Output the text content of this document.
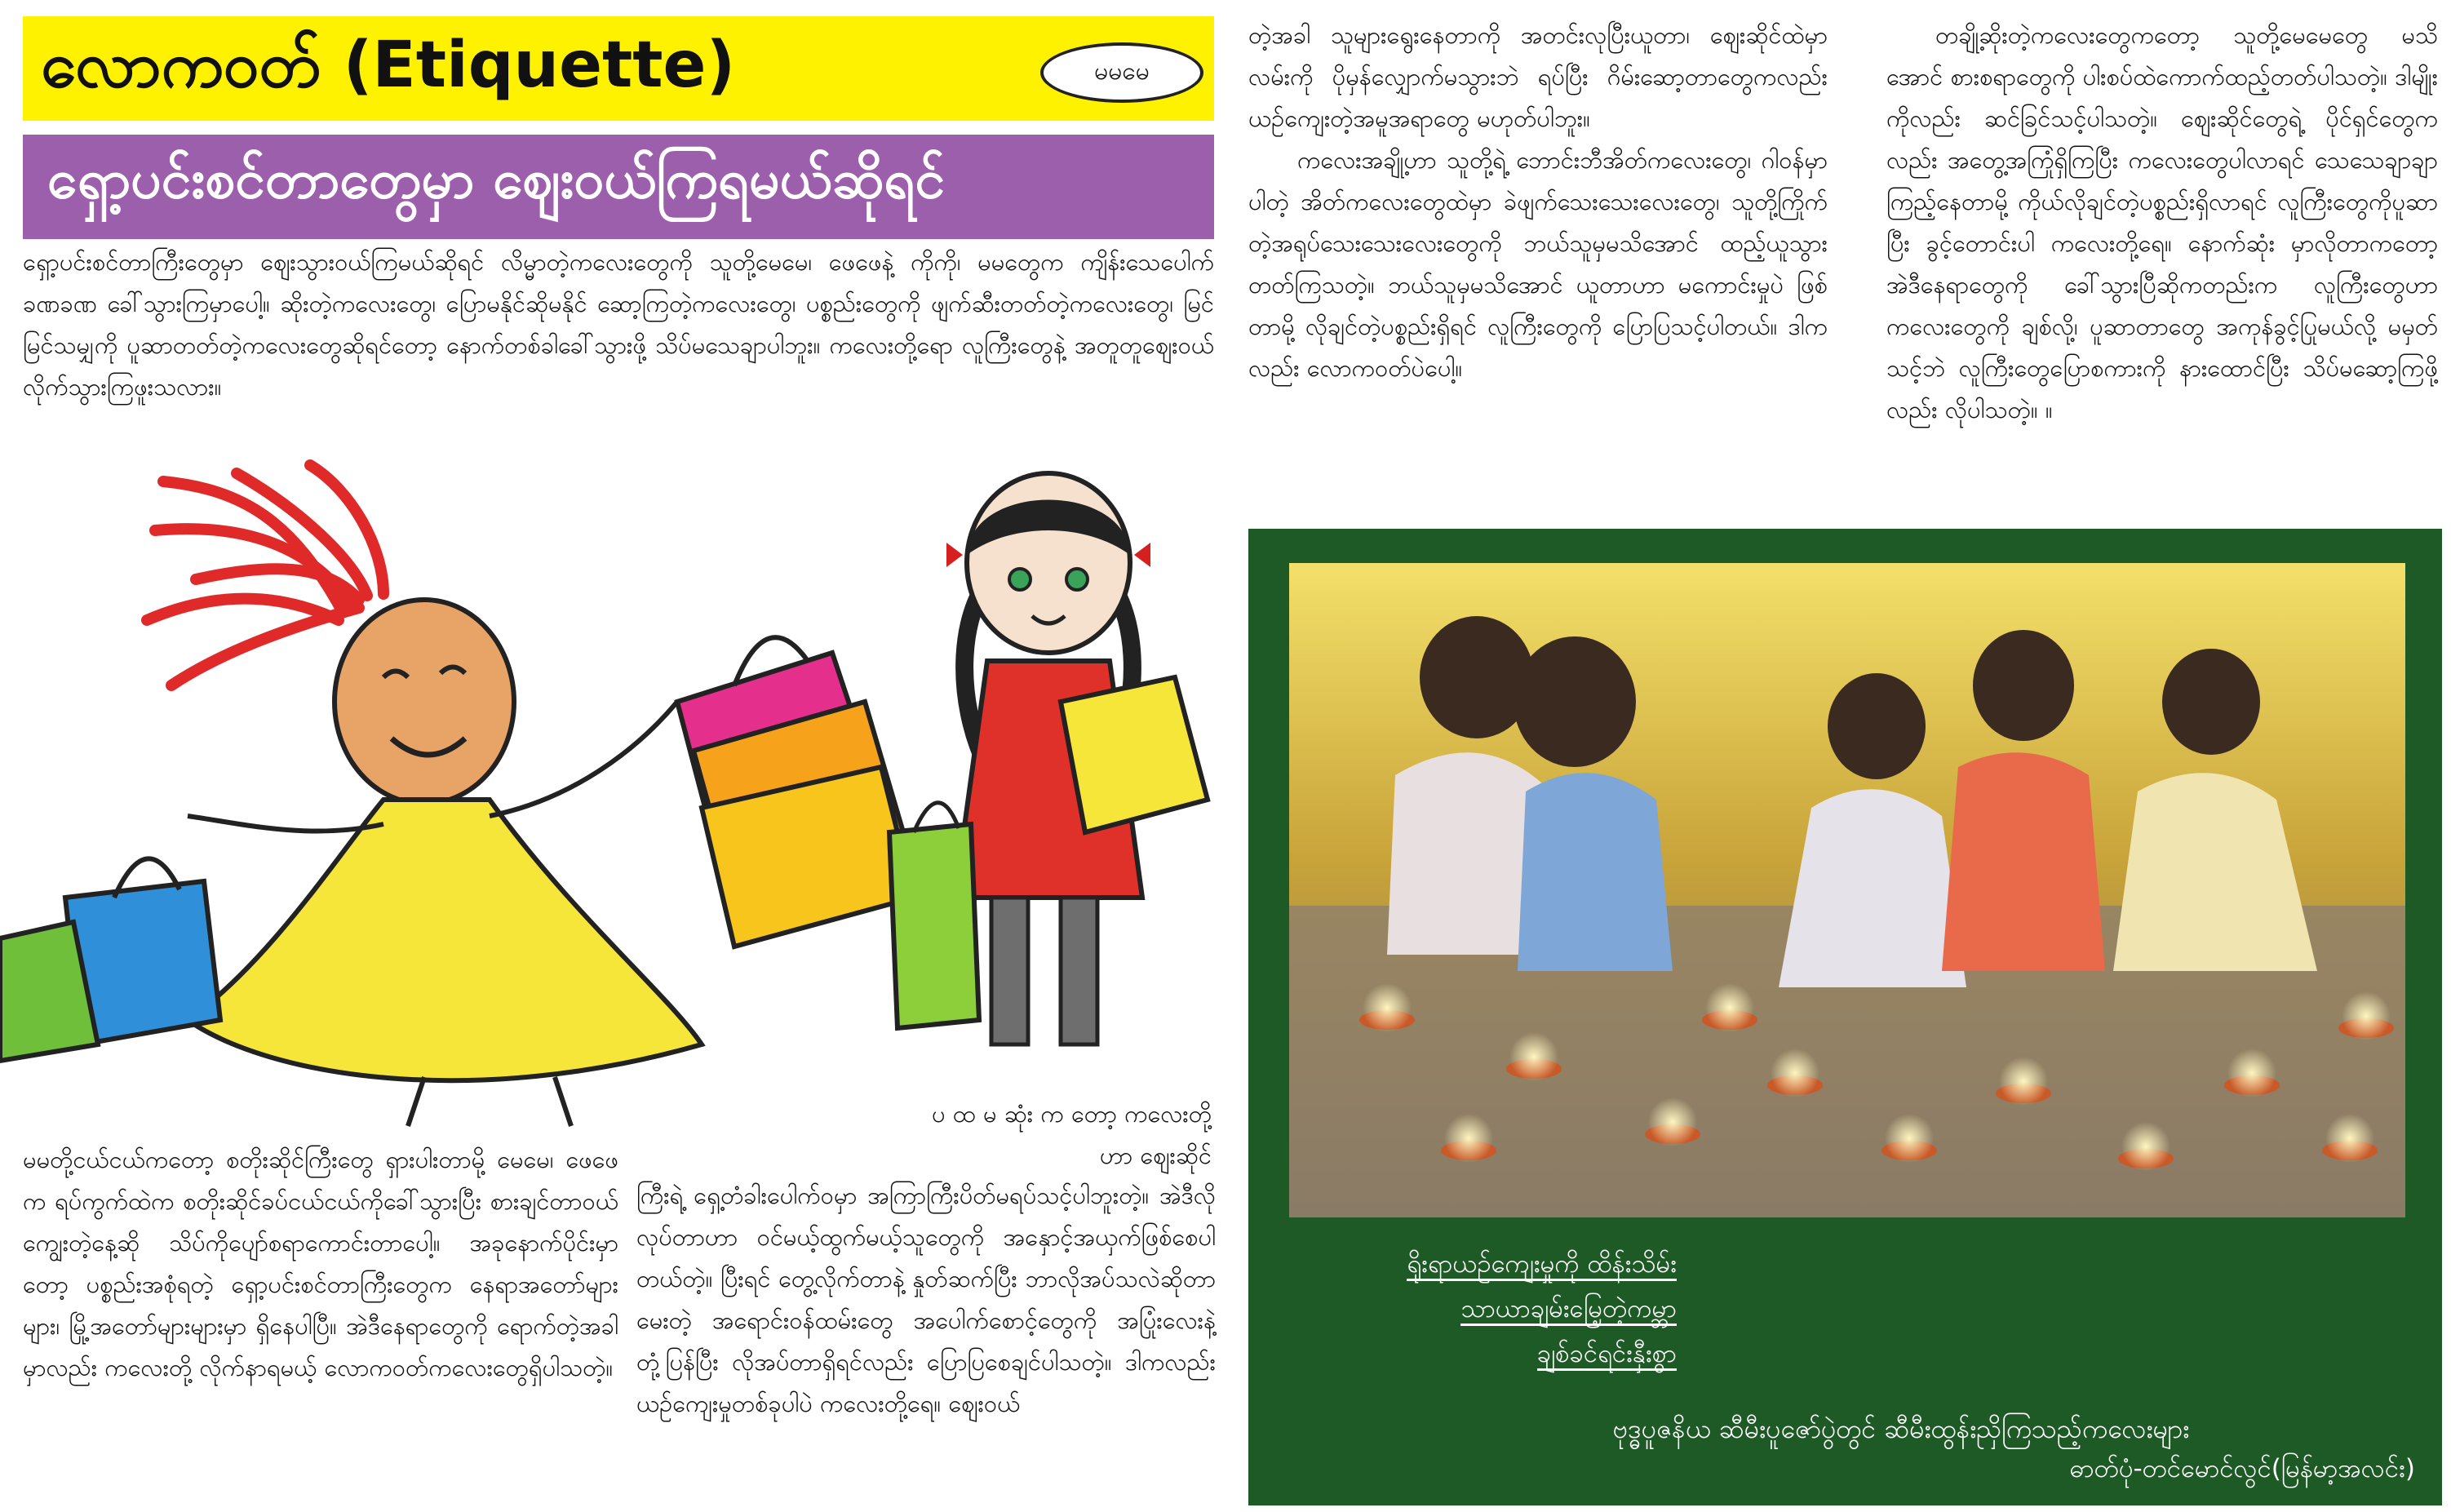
လောကဝတ် (Etiquette)	မမမေ
ရှော့ပင်းစင်တာတွေမှာ ဈေးဝယ်ကြရမယ်ဆိုရင်
ရှော့ပင်းစင်တာကြီးတွေမှာ ဈေးသွားဝယ်ကြမယ်ဆိုရင် လိမ္မာတဲ့ကလေးတွေကို သူတို့မေမေ၊ ဖေဖေနဲ့ ကိုကို၊ မမတွေက ကျိန်းသေပေါက် ခဏခဏ ခေါ်သွားကြမှာပေါ့။ ဆိုးတဲ့ကလေးတွေ၊ ပြောမနိုင်ဆိုမနိုင် ဆော့ကြတဲ့ကလေးတွေ၊ ပစ္စည်းတွေကို ဖျက်ဆီးတတ်တဲ့ကလေးတွေ၊ မြင်မြင်သမျှကို ပူဆာတတ်တဲ့ကလေးတွေဆိုရင်တော့ နောက်တစ်ခါခေါ်သွားဖို့ သိပ်မသေချာပါဘူး။ ကလေးတို့ရော လူကြီးတွေနဲ့ အတူတူဈေးဝယ်လိုက်သွားကြဖူးသလား။
ပ ထ မ ဆုံး က တော့ ကလေးတို့ဟာ ဈေးဆိုင်
မမတို့ငယ်ငယ်ကတော့ စတိုးဆိုင်ကြီးတွေ ရှားပါးတာမို့ မေမေ၊ ဖေဖေက ရပ်ကွက်ထဲက စတိုးဆိုင်ခပ်ငယ်ငယ်ကိုခေါ်သွားပြီး စားချင်တာဝယ်ကျွေးတဲ့နေ့ဆို သိပ်ကိုပျော်စရာကောင်းတာပေါ့။ အခုနောက်ပိုင်းမှာတော့ ပစ္စည်းအစုံရတဲ့ ရှော့ပင်းစင်တာကြီးတွေက နေရာအတော်များများ၊ မြို့အတော်များများမှာ ရှိနေပါပြီ။ အဲဒီနေရာတွေကို ရောက်တဲ့အခါမှာလည်း ကလေးတို့ လိုက်နာရမယ့် လောကဝတ်ကလေးတွေရှိပါသတဲ့။
ကြီးရဲ့ ရှေ့တံခါးပေါက်ဝမှာ အကြာကြီးပိတ်မရပ်သင့်ပါဘူးတဲ့။ အဲဒီလိုလုပ်တာဟာ ဝင်မယ့်ထွက်မယ့်သူတွေကို အနှောင့်အယှက်ဖြစ်စေပါတယ်တဲ့။ ပြီးရင် တွေ့လိုက်တာနဲ့ နှုတ်ဆက်ပြီး ဘာလိုအပ်သလဲဆိုတာမေးတဲ့ အရောင်းဝန်ထမ်းတွေ အပေါက်စောင့်တွေကို အပြုံးလေးနဲ့ တုံ့ပြန်ပြီး လိုအပ်တာရှိရင်လည်း ပြောပြစေချင်ပါသတဲ့။ ဒါကလည်း ယဉ်ကျေးမှုတစ်ခုပါပဲ ကလေးတို့ရေ။ ဈေးဝယ်
တဲ့အခါ သူများရွေးနေတာကို အတင်းလုပြီးယူတာ၊ ဈေးဆိုင်ထဲမှာ လမ်းကို ပိုမှန်လျှောက်မသွားဘဲ ရပ်ပြီး ဂိမ်းဆော့တာတွေကလည်း ယဉ်ကျေးတဲ့အမူအရာတွေ မဟုတ်ပါဘူး။
ကလေးအချို့ဟာ သူတို့ရဲ့ ဘောင်းဘီအိတ်ကလေးတွေ၊ ဂါဝန်မှာပါတဲ့ အိတ်ကလေးတွေထဲမှာ ခဲဖျက်သေးသေးလေးတွေ၊ သူတို့ကြိုက်တဲ့အရုပ်သေးသေးလေးတွေကို ဘယ်သူမှမသိအောင် ထည့်ယူသွားတတ်ကြသတဲ့။ ဘယ်သူမှမသိအောင် ယူတာဟာ မကောင်းမှုပဲ ဖြစ်တာမို့ လိုချင်တဲ့ပစ္စည်းရှိရင် လူကြီးတွေကို ပြောပြသင့်ပါတယ်။ ဒါကလည်း လောကဝတ်ပဲပေါ့။
တချို့ဆိုးတဲ့ကလေးတွေကတော့ သူတို့မေမေတွေ မသိအောင် စားစရာတွေကို ပါးစပ်ထဲကောက်ထည့်တတ်ပါသတဲ့။ ဒါမျိုးကိုလည်း ဆင်ခြင်သင့်ပါသတဲ့။ ဈေးဆိုင်တွေရဲ့ ပိုင်ရှင်တွေကလည်း အတွေ့အကြုံရှိကြပြီး ကလေးတွေပါလာရင် သေသေချာချာကြည့်နေတာမို့ ကိုယ်လိုချင်တဲ့ပစ္စည်းရှိလာရင် လူကြီးတွေကိုပူဆာပြီး ခွင့်တောင်းပါ ကလေးတို့ရေ။ နောက်ဆုံး မှာလိုတာကတော့ အဲဒီနေရာတွေကို ခေါ်သွားပြီဆိုကတည်းက လူကြီးတွေဟာ ကလေးတွေကို ချစ်လို့၊ ပူဆာတာတွေ အကုန်ခွင့်ပြုမယ်လို့ မမှတ်သင့်ဘဲ လူကြီးတွေပြောစကားကို နားထောင်ပြီး သိပ်မဆော့ကြဖို့လည်း လိုပါသတဲ့။ ။
ရိုးရာယဉ်ကျေးမှုကို ထိန်းသိမ်း
သာယာချမ်းမြေ့တဲ့ကမ္ဘာ
ချစ်ခင်ရင်းနှီးစွာ
ဗုဒ္ဓပူဇနိယ ဆီမီးပူဇော်ပွဲတွင် ဆီမီးထွန်းညှိကြသည့်ကလေးများ
ဓာတ်ပုံ-တင်မောင်လွင်(မြန်မာ့အလင်း)
